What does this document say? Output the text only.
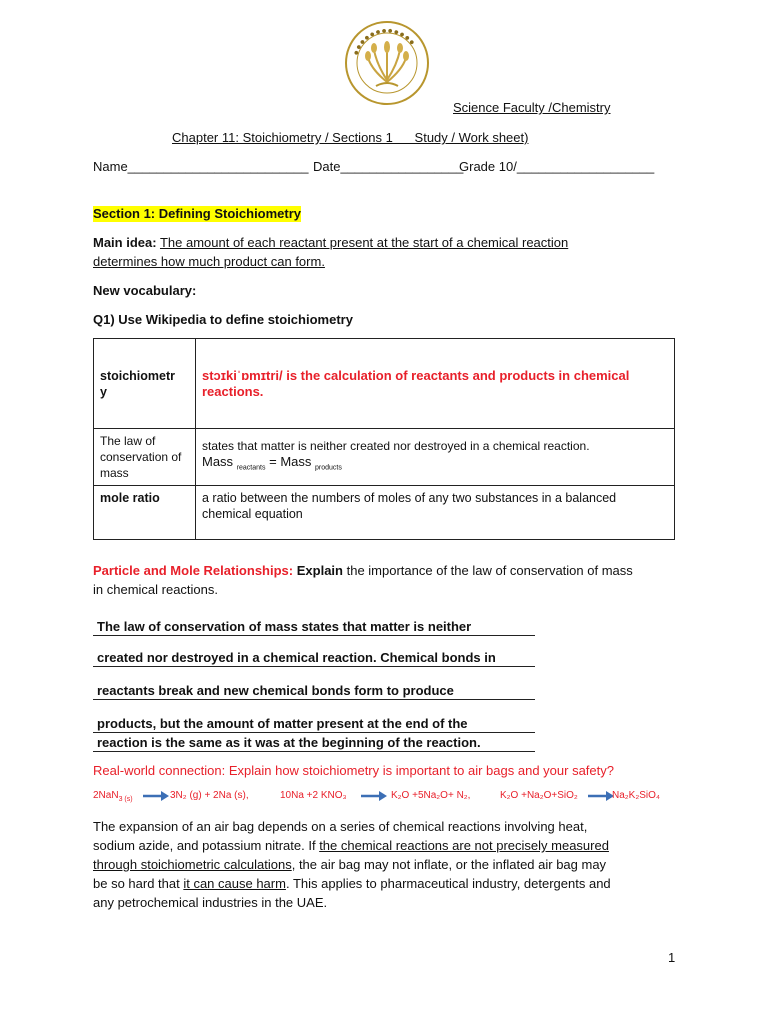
● ● ● ● ● ● ● ● ● ● ● ●
Science Faculty /Chemistry
Chapter 11: Stoichiometry / Sections 1      Study / Work sheet)
Name_________________________ Date_________________
Grade 10/___________________
Section 1: Defining Stoichiometry
Main idea: The amount of each reactant present at the start of a chemical reaction
determines how much product can form.
New vocabulary:
Q1) Use Wikipedia to define stoichiometry
stoichiometr
y	stɔɪkiˈɒmɪtri/ is the calculation of reactants and products in chemical reactions.
The law of conservation of mass	states that matter is neither created nor destroyed in a chemical reaction.
Mass $_{reactants}$ = Mass $_{products}$

mole ratio	a ratio between the numbers of moles of any two substances in a balanced chemical equation
Particle and Mole Relationships: Explain the importance of the law of conservation of mass
in chemical reactions.
The law of conservation of mass states that matter is neither
created nor destroyed in a chemical reaction. Chemical bonds in
reactants break and new chemical bonds form to produce
products, but the amount of matter present at the end of the
reaction is the same as it was at the beginning of the reaction.
Real-world connection: Explain how stoichiometry is important to air bags and your safety?
2NaN$_{3 (s)}$	3N₂ (g) + 2Na (s),	10Na +2 KNO₃	K₂O +5Na₂O+ N₂,	K₂O +Na₂O+SiO₂	Na₂K₂SiO₄
The expansion of an air bag depends on a series of chemical reactions involving heat,
sodium azide, and potassium nitrate. If the chemical reactions are not precisely measured
through stoichiometric calculations, the air bag may not inflate, or the inflated air bag may
be so hard that it can cause harm. This applies to pharmaceutical industry, detergents and
any petrochemical industries in the UAE.
1
